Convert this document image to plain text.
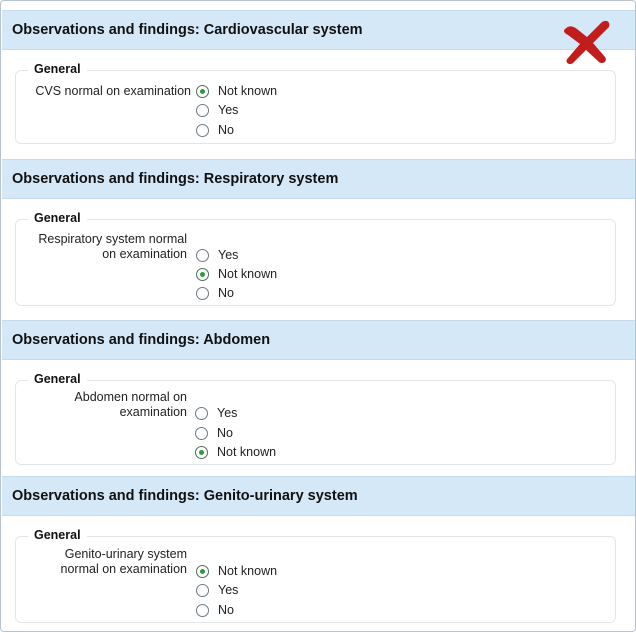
Observations and findings: Cardiovascular system
General
CVS normal on examination Not known
Yes
No
Observations and findings: Respiratory system
General
Respiratory system normal
on examination Yes
Not known
No
Observations and findings: Abdomen
General
Abdomen normal on
examination Yes
No
Not known
Observations and findings: Genito-urinary system
General
Genito-urinary system
normal on examination Not known
Yes
No
